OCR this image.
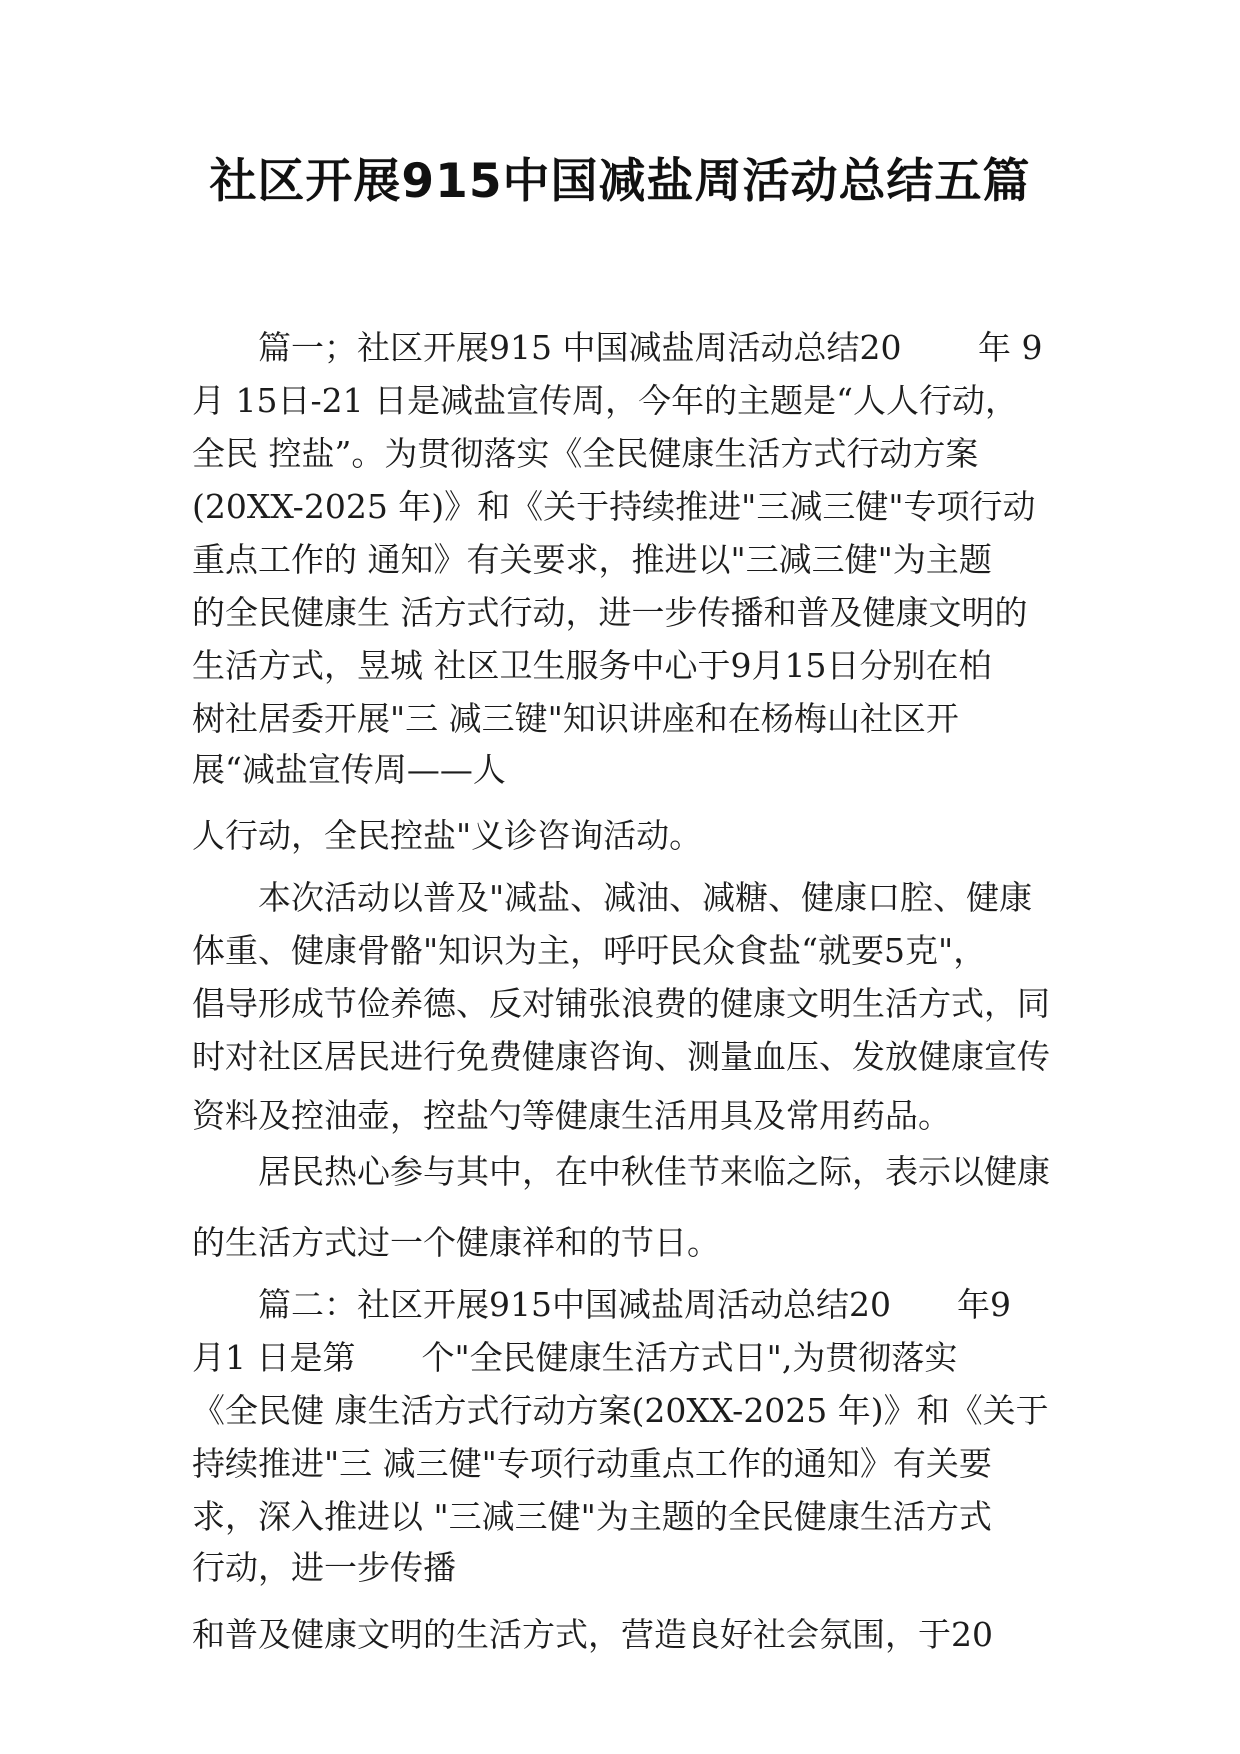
社区开展915中国减盐周活动总结五篇
篇一；社区开展915 中国减盐周活动总结20　　 年 9
月 15日-21 日是减盐宣传周，今年的主题是“人人行动，
全民 控盐”。为贯彻落实《全民健康生活方式行动方案
(20XX-2025 年)》和《关于持续推进"三减三健"专项行动
重点工作的 通知》有关要求，推进以"三减三健"为主题
的全民健康生 活方式行动，进一步传播和普及健康文明的
生活方式，昱城 社区卫生服务中心于9月15日分别在柏
树社居委开展"三 减三键"知识讲座和在杨梅山社区开
展“减盐宣传周——人
人行动，全民控盐"义诊咨询活动。
本次活动以普及"减盐、减油、减糖、健康口腔、健康
体重、健康骨骼"知识为主，呼吁民众食盐“就要5克"，
倡导形成节俭养德、反对铺张浪费的健康文明生活方式，同
时对社区居民进行免费健康咨询、测量血压、发放健康宣传
资料及控油壶，控盐勺等健康生活用具及常用药品。
居民热心参与其中，在中秋佳节来临之际，表示以健康
的生活方式过一个健康祥和的节日。
篇二：社区开展915中国减盐周活动总结20　　年9
月1 日是第　　个"全民健康生活方式日",为贯彻落实
《全民健 康生活方式行动方案(20XX-2025 年)》和《关于
持续推进"三 减三健"专项行动重点工作的通知》有关要
求，深入推进以 "三减三健"为主题的全民健康生活方式
行动，进一步传播
和普及健康文明的生活方式，营造良好社会氛围，于20
